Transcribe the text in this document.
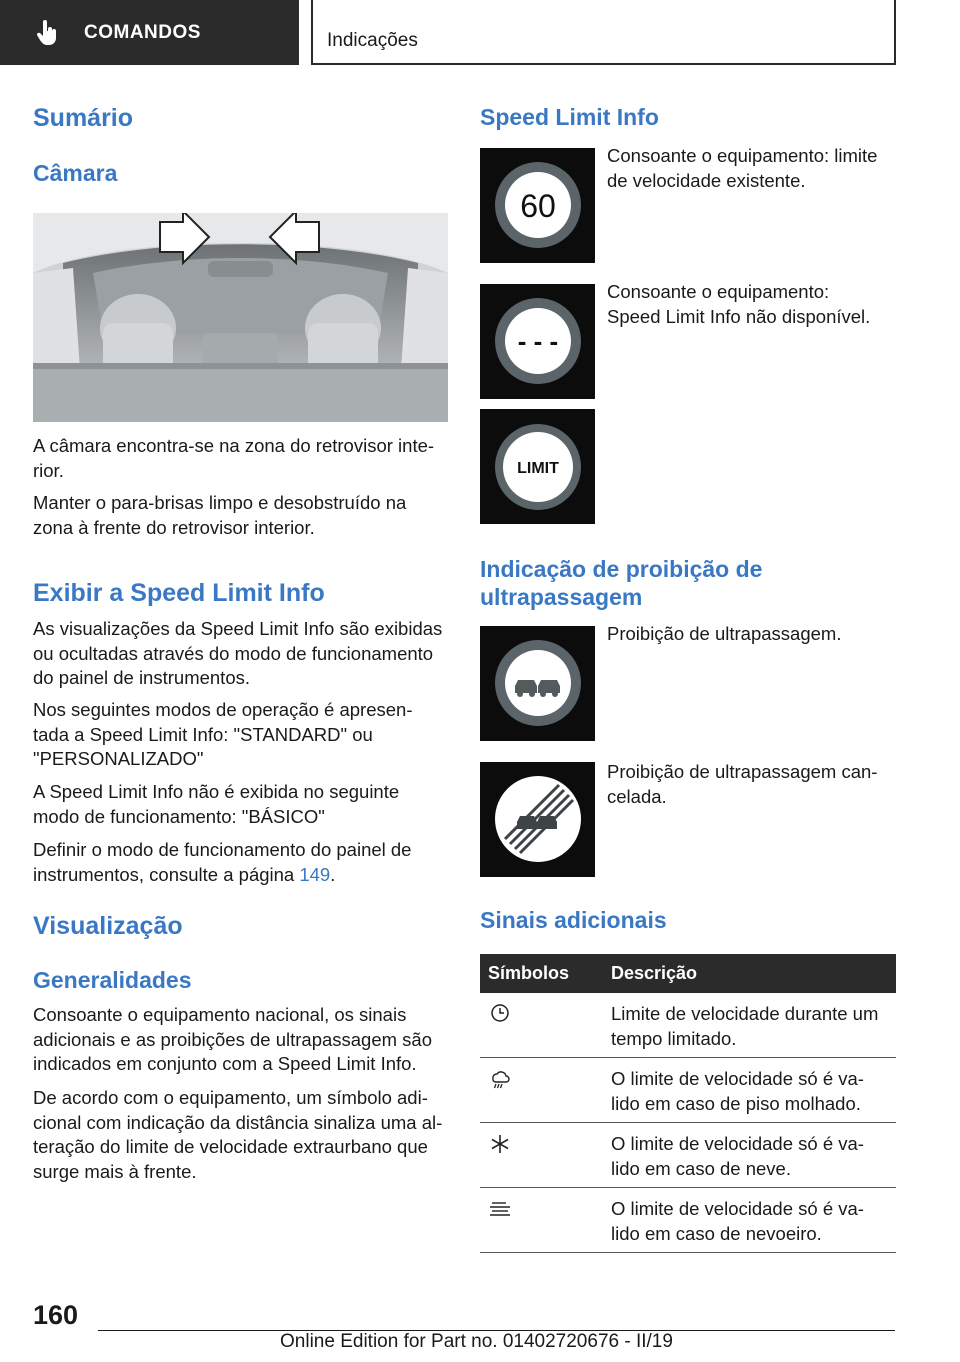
COMANDOS	Indicações
Sumário
Câmara
A câmara encontra-se na zona do retrovisor inte-
rior.
Manter o para-brisas limpo e desobstruído na
zona à frente do retrovisor interior.
Exibir a Speed Limit Info
As visualizações da Speed Limit Info são exibidas
ou ocultadas através do modo de funcionamento
do painel de instrumentos.
Nos seguintes modos de operação é apresen-
tada a Speed Limit Info: "STANDARD" ou
"PERSONALIZADO"
A Speed Limit Info não é exibida no seguinte
modo de funcionamento: "BÁSICO"
Definir o modo de funcionamento do painel de
instrumentos, consulte a página 149.
Visualização
Generalidades
Consoante o equipamento nacional, os sinais
adicionais e as proibições de ultrapassagem são
indicados em conjunto com a Speed Limit Info.
De acordo com o equipamento, um símbolo adi-
cional com indicação da distância sinaliza uma al-
teração do limite de velocidade extraurbano que
surge mais à frente.
Speed Limit Info
60
Consoante o equipamento: limite
de velocidade existente.
- - -
Consoante o equipamento:
Speed Limit Info não disponível.
LIMIT
Indicação de proibição de
ultrapassagem
Proibição de ultrapassagem.
Proibição de ultrapassagem can-
celada.
Sinais adicionais
Símbolos Descrição
Limite de velocidade durante um
tempo limitado.
O limite de velocidade só é va-
lido em caso de piso molhado.
O limite de velocidade só é va-
lido em caso de neve.
O limite de velocidade só é va-
lido em caso de nevoeiro.
160
Online Edition for Part no. 01402720676 - II/19
